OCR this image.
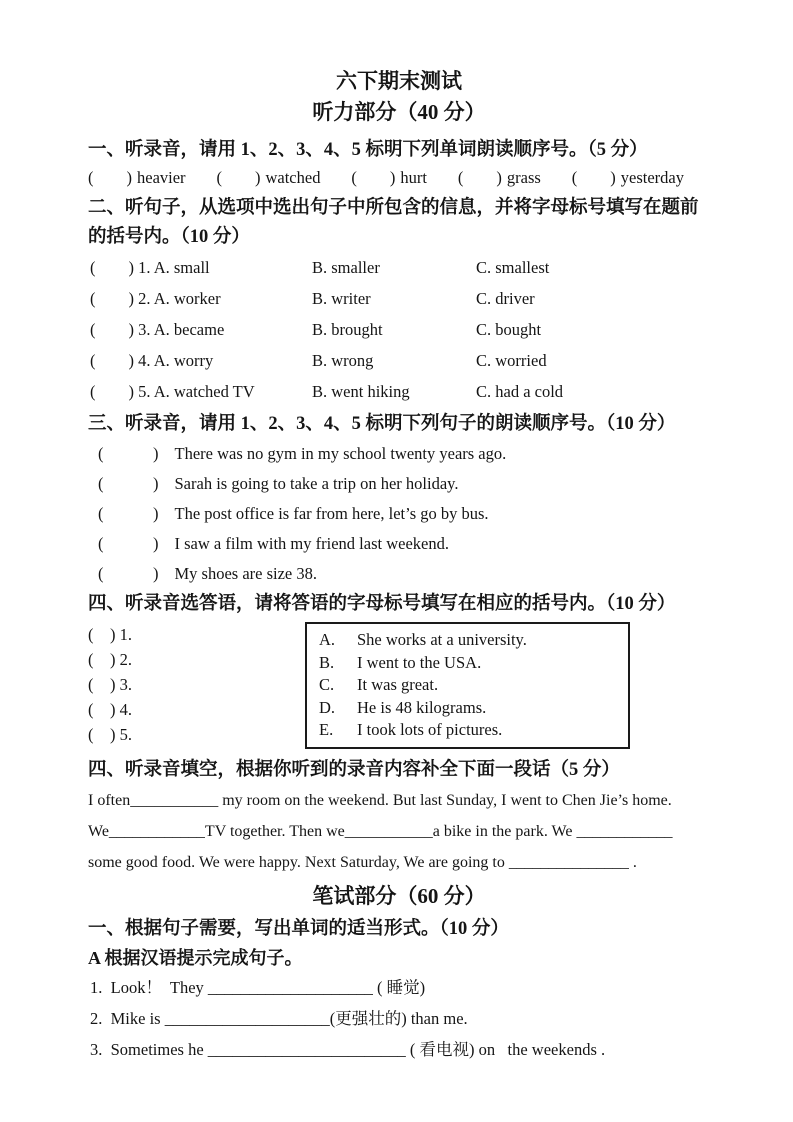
六下期末测试
听力部分（40 分）
一、听录音，请用 1、2、3、4、5 标明下列单词朗读顺序号。（5 分）
(　　) heavier (　　) watched (　　) hurt (　　) grass (　　) yesterday
二、听句子，从选项中选出句子中所包含的信息，并将字母标号填写在题前的括号内。（10 分）
(　　) 1. A. small	B. smaller	C. smallest
(　　) 2. A. worker	B. writer	C. driver
(　　) 3. A. became	B. brought	C. bought
(　　) 4. A. worry	B. wrong	C. worried
(　　) 5. A. watched TV	B. went hiking	C. had a cold
三、听录音，请用 1、2、3、4、5 标明下列句子的朗读顺序号。（10 分）
(　　　) There was no gym in my school twenty years ago.
(　　　) Sarah is going to take a trip on her holiday.
(　　　) The post office is far from here, let’s go by bus.
(　　　) I saw a film with my friend last weekend.
(　　　) My shoes are size 38.
四、听录音选答语，请将答语的字母标号填写在相应的括号内。（10 分）
(　) 1.
(　) 2.
(　) 3.
(　) 4.
(　) 5.
A.	She works at a university.
B.	I went to the USA.
C.	It was great.
D.	He is 48 kilograms.
E.	I took lots of pictures.
四、听录音填空，根据你听到的录音内容补全下面一段话（5 分）
I often___________ my room on the weekend. But last Sunday, I went to Chen Jie’s home.
We____________TV together. Then we___________a bike in the park. We ____________
some good food. We were happy. Next Saturday, We are going to _______________ .
笔试部分（60 分）
一、根据句子需要，写出单词的适当形式。（10 分）
A 根据汉语提示完成句子。
1.  Look！  They ____________________ ( 睡觉)
2.  Mike is ____________________(更强壮的) than me.
3.  Sometimes he ________________________ ( 看电视) on   the weekends .
